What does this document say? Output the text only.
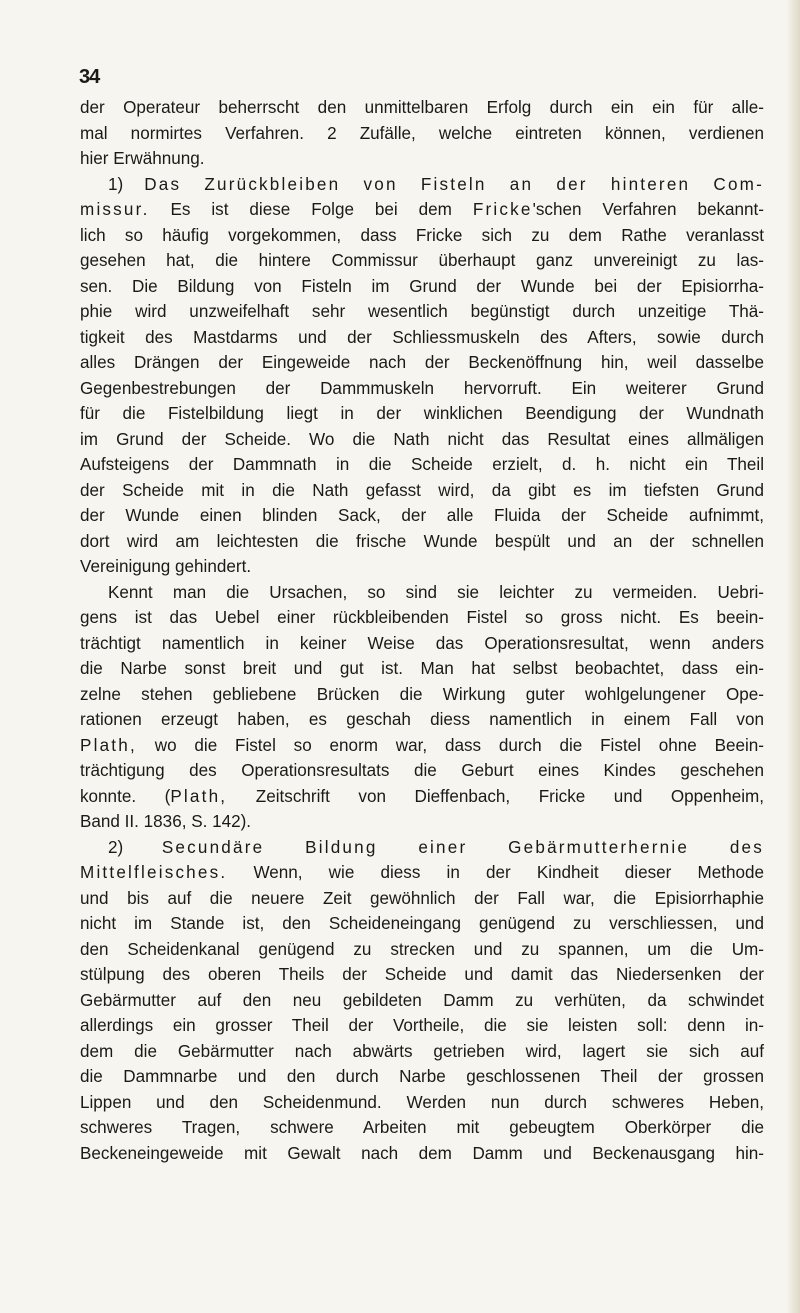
34

der Operateur beherrscht den unmittelbaren Erfolg durch ein ein für alle-
mal normirtes Verfahren. 2 Zufälle, welche eintreten können, verdienen
hier Erwähnung.
1) Das Zurückbleiben von Fisteln an der hinteren Com-
missur. Es ist diese Folge bei dem Fricke'schen Verfahren bekannt-
lich so häufig vorgekommen, dass Fricke sich zu dem Rathe veranlasst
gesehen hat, die hintere Commissur überhaupt ganz unvereinigt zu las-
sen. Die Bildung von Fisteln im Grund der Wunde bei der Episiorrha-
phie wird unzweifelhaft sehr wesentlich begünstigt durch unzeitige Thä-
tigkeit des Mastdarms und der Schliessmuskeln des Afters, sowie durch
alles Drängen der Eingeweide nach der Beckenöffnung hin, weil dasselbe
Gegenbestrebungen der Dammmuskeln hervorruft. Ein weiterer Grund
für die Fistelbildung liegt in der winklichen Beendigung der Wundnath
im Grund der Scheide. Wo die Nath nicht das Resultat eines allmäligen
Aufsteigens der Dammnath in die Scheide erzielt, d. h. nicht ein Theil
der Scheide mit in die Nath gefasst wird, da gibt es im tiefsten Grund
der Wunde einen blinden Sack, der alle Fluida der Scheide aufnimmt,
dort wird am leichtesten die frische Wunde bespült und an der schnellen
Vereinigung gehindert.
Kennt man die Ursachen, so sind sie leichter zu vermeiden. Uebri-
gens ist das Uebel einer rückbleibenden Fistel so gross nicht. Es beein-
trächtigt namentlich in keiner Weise das Operationsresultat, wenn anders
die Narbe sonst breit und gut ist. Man hat selbst beobachtet, dass ein-
zelne stehen gebliebene Brücken die Wirkung guter wohlgelungener Ope-
rationen erzeugt haben, es geschah diess namentlich in einem Fall von
Plath, wo die Fistel so enorm war, dass durch die Fistel ohne Beein-
trächtigung des Operationsresultats die Geburt eines Kindes geschehen
konnte. (Plath, Zeitschrift von Dieffenbach, Fricke und Oppenheim,
Band II. 1836, S. 142).
2) Secundäre Bildung einer Gebärmutterhernie des
Mittelfleisches. Wenn, wie diess in der Kindheit dieser Methode
und bis auf die neuere Zeit gewöhnlich der Fall war, die Episiorrhaphie
nicht im Stande ist, den Scheideneingang genügend zu verschliessen, und
den Scheidenkanal genügend zu strecken und zu spannen, um die Um-
stülpung des oberen Theils der Scheide und damit das Niedersenken der
Gebärmutter auf den neu gebildeten Damm zu verhüten, da schwindet
allerdings ein grosser Theil der Vortheile, die sie leisten soll: denn in-
dem die Gebärmutter nach abwärts getrieben wird, lagert sie sich auf
die Dammnarbe und den durch Narbe geschlossenen Theil der grossen
Lippen und den Scheidenmund. Werden nun durch schweres Heben,
schweres Tragen, schwere Arbeiten mit gebeugtem Oberkörper die
Beckeneingeweide mit Gewalt nach dem Damm und Beckenausgang hin-
